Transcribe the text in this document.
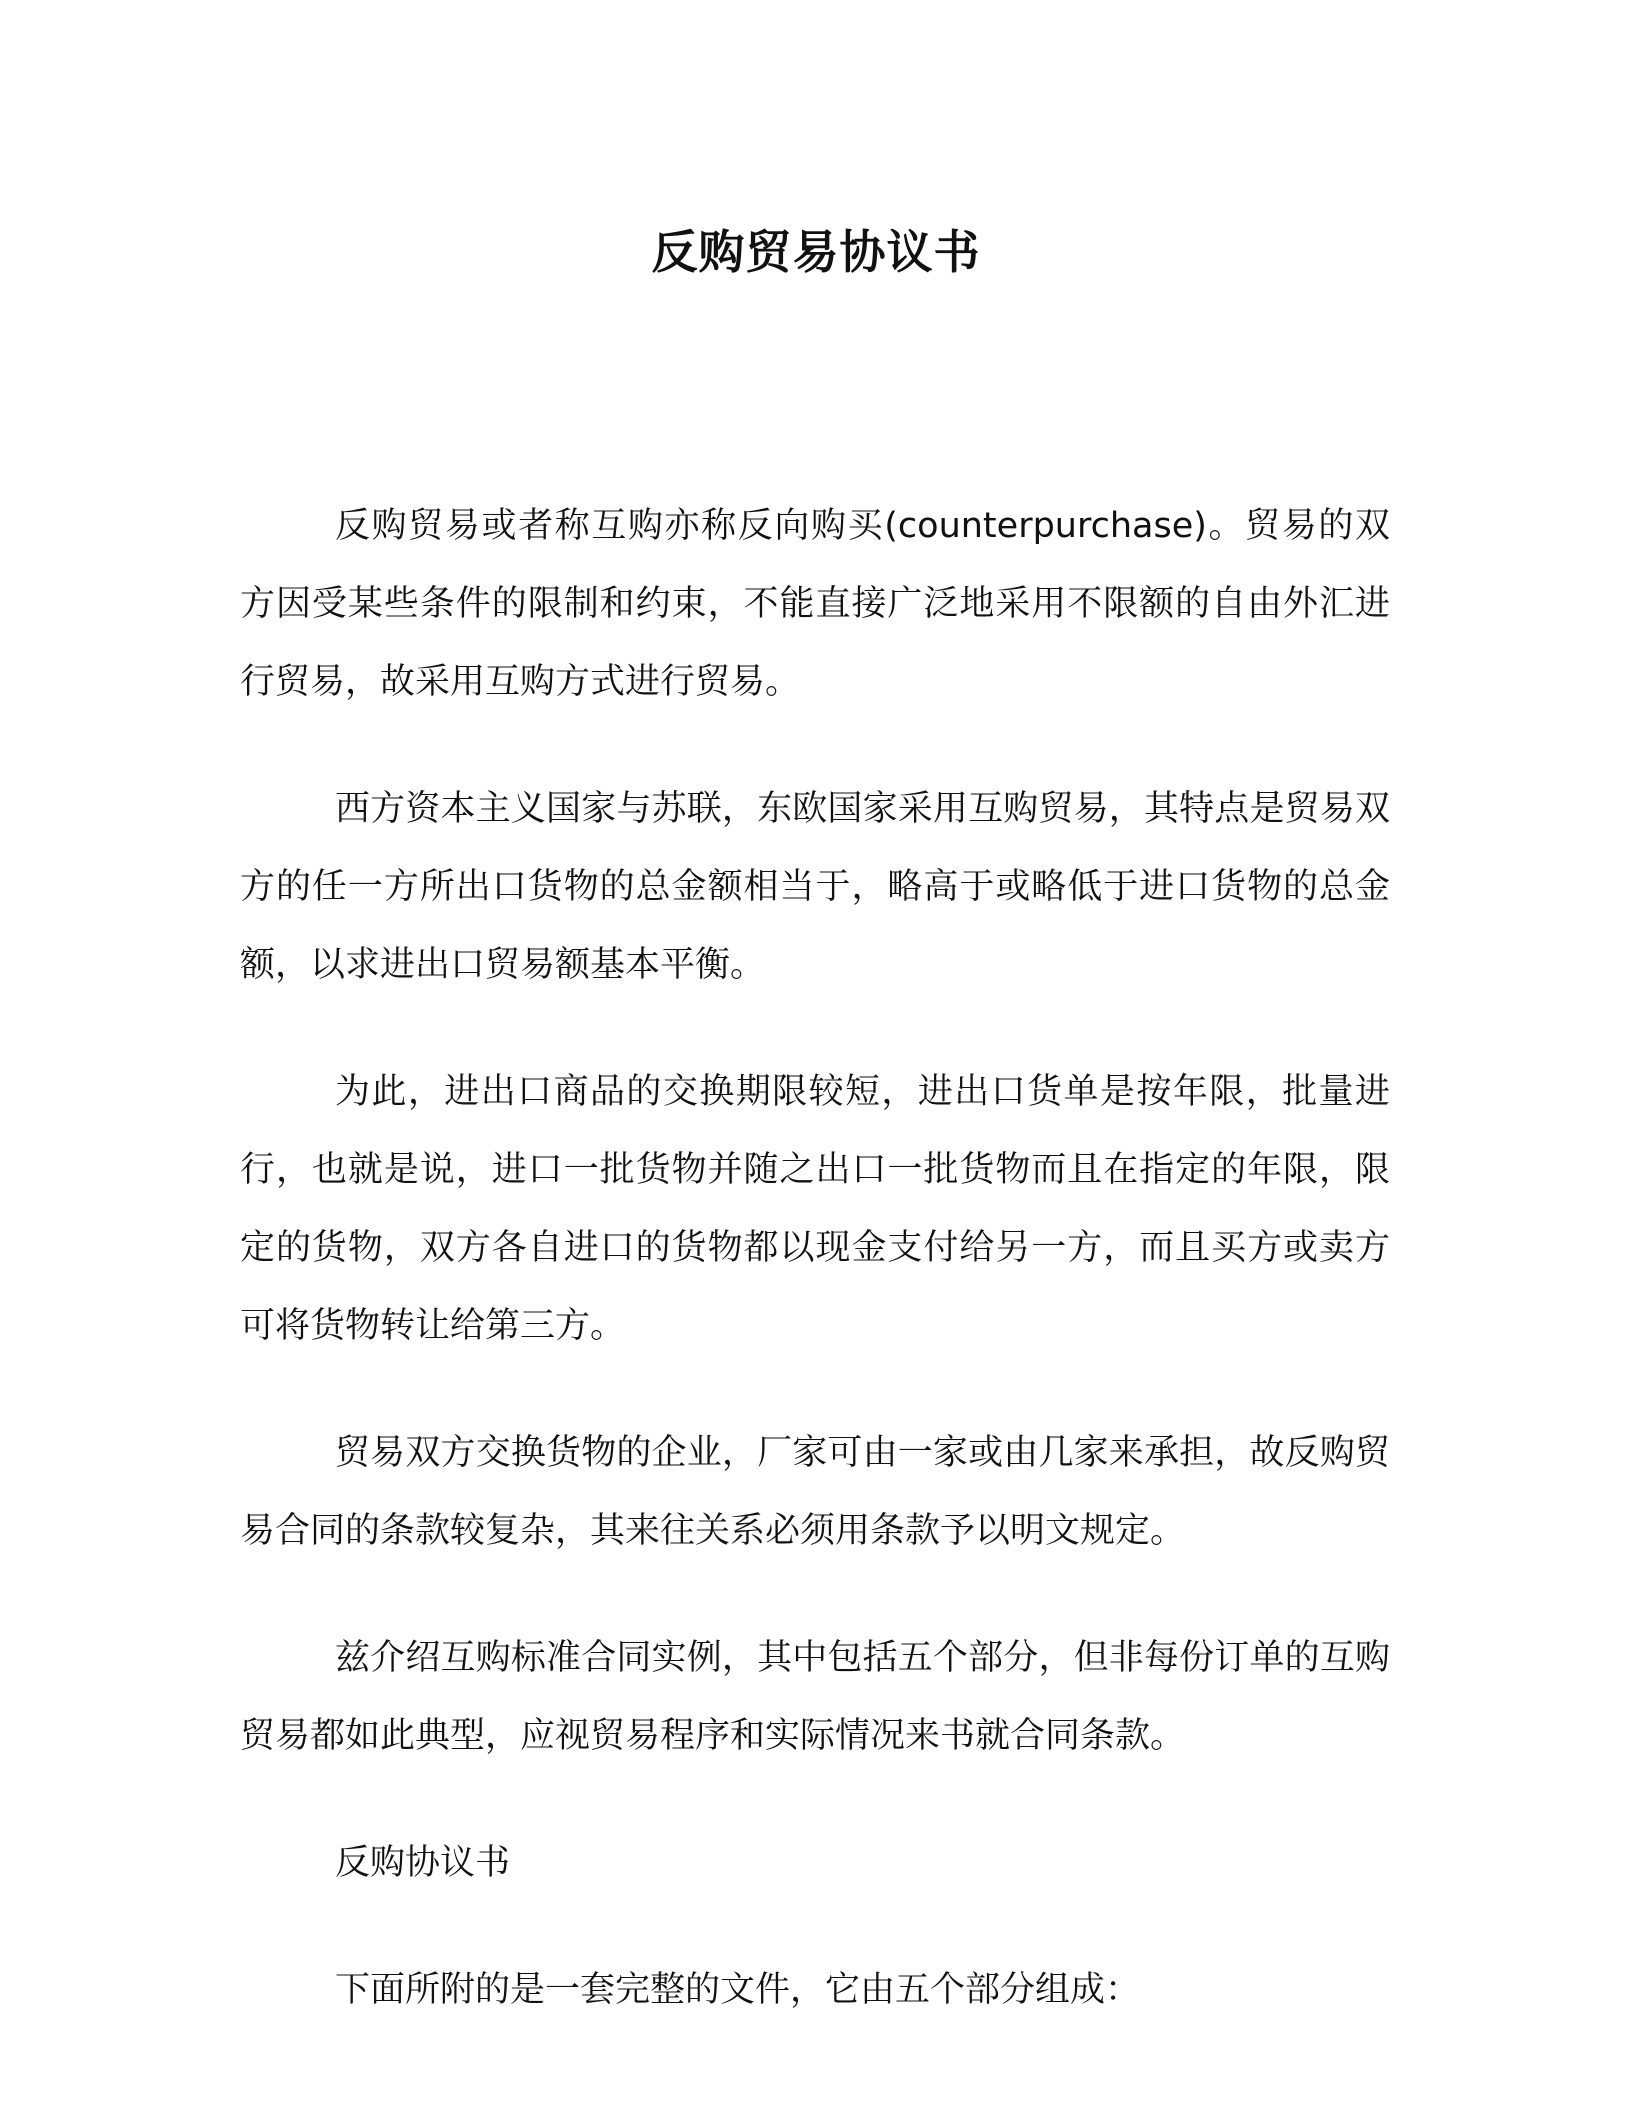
反购贸易协议书

反购贸易或者称互购亦称反向购买(counterpurchase)。贸易的双方因受某些条件的限制和约束，不能直接广泛地采用不限额的自由外汇进行贸易，故采用互购方式进行贸易。

西方资本主义国家与苏联，东欧国家采用互购贸易，其特点是贸易双方的任一方所出口货物的总金额相当于，略高于或略低于进口货物的总金额，以求进出口贸易额基本平衡。

为此，进出口商品的交换期限较短，进出口货单是按年限，批量进行，也就是说，进口一批货物并随之出口一批货物而且在指定的年限，限定的货物，双方各自进口的货物都以现金支付给另一方，而且买方或卖方可将货物转让给第三方。

贸易双方交换货物的企业，厂家可由一家或由几家来承担，故反购贸易合同的条款较复杂，其来往关系必须用条款予以明文规定。

兹介绍互购标准合同实例，其中包括五个部分，但非每份订单的互购贸易都如此典型，应视贸易程序和实际情况来书就合同条款。

反购协议书

下面所附的是一套完整的文件，它由五个部分组成：
